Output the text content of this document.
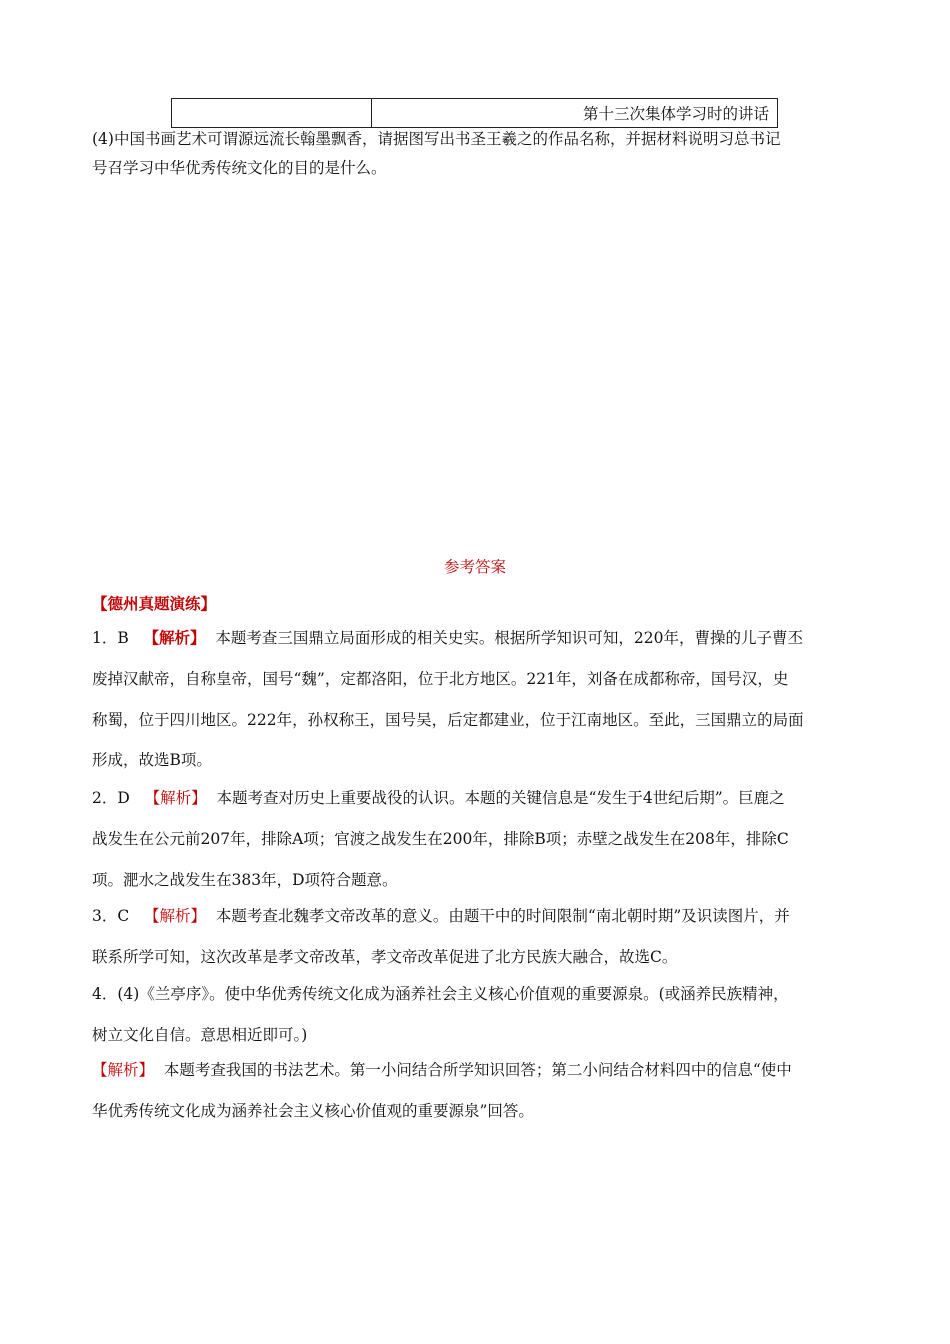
第十三次集体学习时的讲话
(4)中国书画艺术可谓源远流长翰墨飘香，请据图写出书圣王羲之的作品名称，并据材料说明习总书记
号召学习中华优秀传统文化的目的是什么。
参考答案
【德州真题演练】
1．B 【解析】 本题考查三国鼎立局面形成的相关史实。根据所学知识可知，220年，曹操的儿子曹丕
废掉汉献帝，自称皇帝，国号“魏”，定都洛阳，位于北方地区。221年，刘备在成都称帝，国号汉，史
称蜀，位于四川地区。222年，孙权称王，国号吴，后定都建业，位于江南地区。至此，三国鼎立的局面
形成，故选B项。
2．D 【解析】 本题考查对历史上重要战役的认识。本题的关键信息是“发生于4世纪后期”。巨鹿之
战发生在公元前207年，排除A项；官渡之战发生在200年，排除B项；赤壁之战发生在208年，排除C
项。淝水之战发生在383年，D项符合题意。
3．C 【解析】 本题考查北魏孝文帝改革的意义。由题干中的时间限制“南北朝时期”及识读图片，并
联系所学可知，这次改革是孝文帝改革，孝文帝改革促进了北方民族大融合，故选C。
4．(4)《兰亭序》。使中华优秀传统文化成为涵养社会主义核心价值观的重要源泉。(或涵养民族精神，
树立文化自信。意思相近即可。)
【解析】 本题考查我国的书法艺术。第一小问结合所学知识回答；第二小问结合材料四中的信息“使中
华优秀传统文化成为涵养社会主义核心价值观的重要源泉”回答。
